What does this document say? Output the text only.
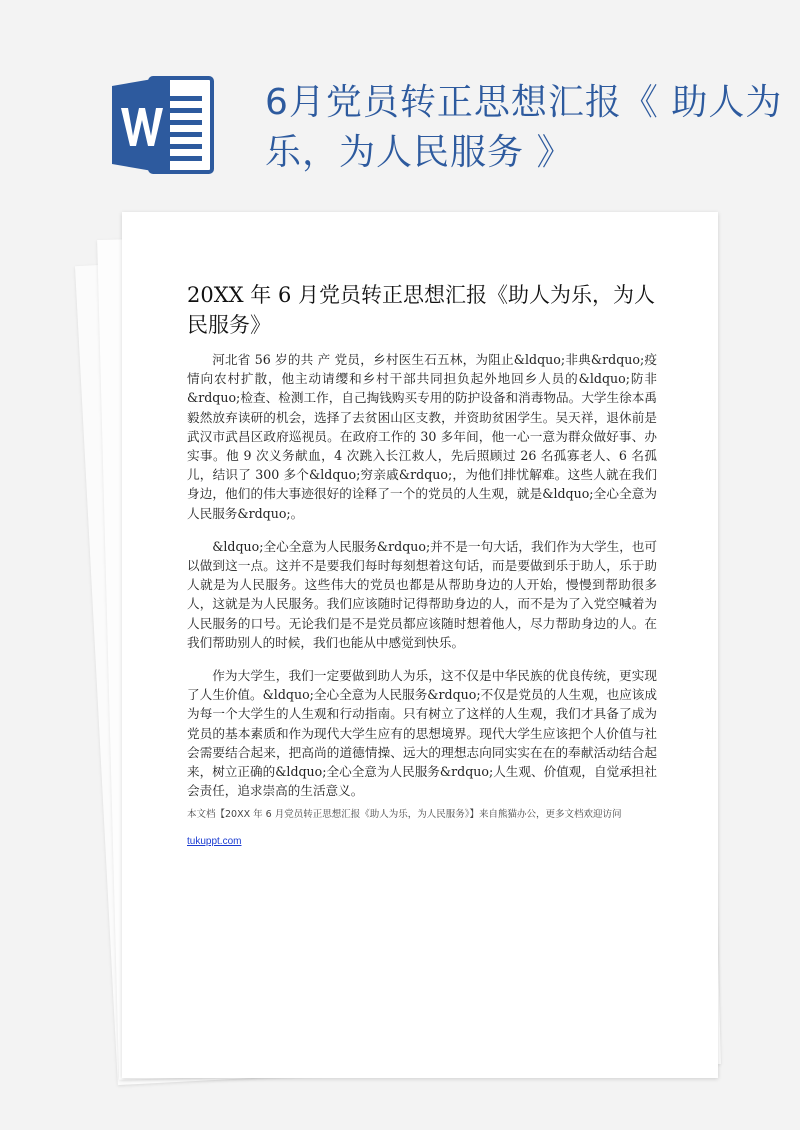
6月党员转正思想汇报《 助人为乐，为人民服务 》
20XX 年 6 月党员转正思想汇报《助人为乐，为人民服务》

河北省 56 岁的共 产 党员，乡村医生石五林，为阻止&ldquo;非典&rdquo;疫情向农村扩散，他主动请缨和乡村干部共同担负起外地回乡人员的&ldquo;防非&rdquo;检查、检测工作，自己掏钱购买专用的防护设备和消毒物品。大学生徐本禹毅然放弃读研的机会，选择了去贫困山区支教，并资助贫困学生。吴天祥，退休前是武汉市武昌区政府巡视员。在政府工作的 30 多年间，他一心一意为群众做好事、办实事。他 9 次义务献血，4 次跳入长江救人，先后照顾过 26 名孤寡老人、6 名孤儿，结识了 300 多个&ldquo;穷亲戚&rdquo;，为他们排忧解难。这些人就在我们身边，他们的伟大事迹很好的诠释了一个的党员的人生观，就是&ldquo;全心全意为人民服务&rdquo;。

&ldquo;全心全意为人民服务&rdquo;并不是一句大话，我们作为大学生，也可以做到这一点。这并不是要我们每时每刻想着这句话，而是要做到乐于助人，乐于助人就是为人民服务。这些伟大的党员也都是从帮助身边的人开始，慢慢到帮助很多人，这就是为人民服务。我们应该随时记得帮助身边的人，而不是为了入党空喊着为人民服务的口号。无论我们是不是党员都应该随时想着他人，尽力帮助身边的人。在我们帮助别人的时候，我们也能从中感觉到快乐。

作为大学生，我们一定要做到助人为乐，这不仅是中华民族的优良传统，更实现了人生价值。&ldquo;全心全意为人民服务&rdquo;不仅是党员的人生观，也应该成为每一个大学生的人生观和行动指南。只有树立了这样的人生观，我们才具备了成为党员的基本素质和作为现代大学生应有的思想境界。现代大学生应该把个人价值与社会需要结合起来，把高尚的道德情操、远大的理想志向同实实在在的奉献活动结合起来，树立正确的&ldquo;全心全意为人民服务&rdquo;人生观、价值观，自觉承担社会责任，追求崇高的生活意义。

本文档【20XX 年 6 月党员转正思想汇报《助人为乐，为人民服务》】来自熊猫办公，更多文档欢迎访问
tukuppt.com
